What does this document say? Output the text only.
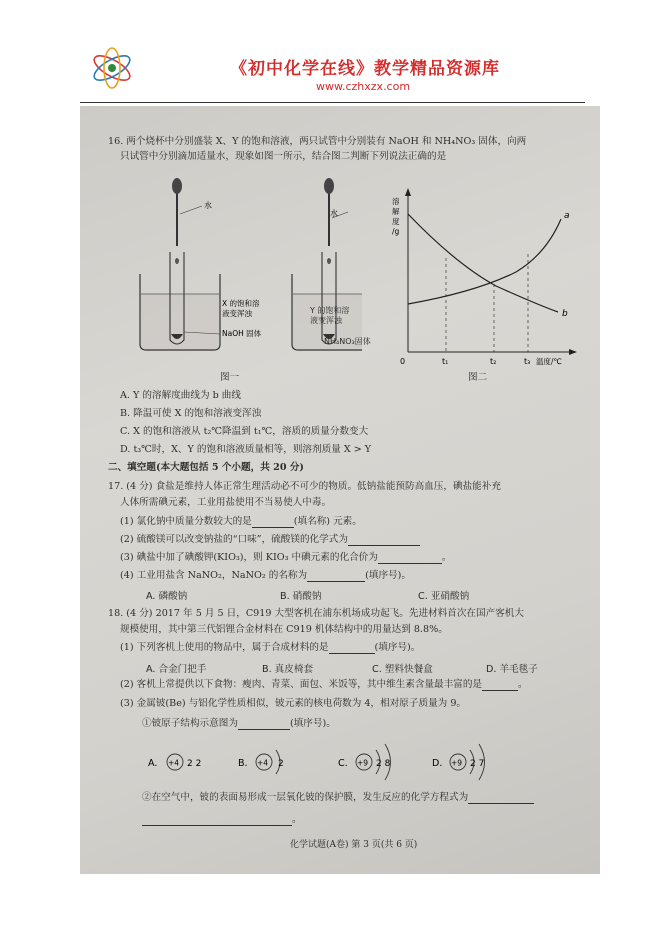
《初中化学在线》教学精品资源库
www.czhxzx.com
16. 两个烧杯中分别盛装 X、Y 的饱和溶液，两只试管中分别装有 NaOH 和 NH₄NO₃ 固体，向两
只试管中分别滴加适量水，现象如图一所示，结合图二判断下列说法正确的是
水
X 的饱和溶
液变浑浊
NaOH 固体
水
Y 的饱和溶
液变浑浊
NH₄NO₃固体
图一
溶
解
度
/g
0	t₁	t₂	t₃ 温度/℃
a
b
图二
A. Y 的溶解度曲线为 b 曲线
B. 降温可使 X 的饱和溶液变浑浊
C. X 的饱和溶液从 t₂℃降温到 t₁℃，溶质的质量分数变大
D. t₃℃时，X、Y 的饱和溶液质量相等，则溶剂质量 X > Y
二、填空题(本大题包括 5 个小题，共 20 分)
17. (4 分) 食盐是维持人体正常生理活动必不可少的物质。低钠盐能预防高血压，碘盐能补充
人体所需碘元素，工业用盐使用不当易使人中毒。
(1) 氯化钠中质量分数较大的是	(填名称) 元素。
(2) 硫酸镁可以改变钠盐的“口味”，硫酸镁的化学式为
(3) 碘盐中加了碘酸钾(KIO₃)，则 KIO₃ 中碘元素的化合价为	。
(4) 工业用盐含 NaNO₂，NaNO₂ 的名称为	(填序号)。
A. 磷酸钠	B. 硝酸钠	C. 亚硝酸钠
18. (4 分) 2017 年 5 月 5 日，C919 大型客机在浦东机场成功起飞。先进材料首次在国产客机大
规模使用，其中第三代铝锂合金材料在 C919 机体结构中的用量达到 8.8%。
(1) 下列客机上使用的物品中，属于合成材料的是	(填序号)。
A. 合金门把手	B. 真皮椅套	C. 塑料快餐盒	D. 羊毛毯子
(2) 客机上常提供以下食物：瘦肉、青菜、面包、米饭等，其中维生素含量最丰富的是	。
(3) 金属铍(Be) 与铝化学性质相似，铍元素的核电荷数为 4，相对原子质量为 9。
①铍原子结构示意图为	(填序号)。
A. +4 2 2	B. +4 2	C. +9 2 8	D. +9 2 7
②在空气中，铍的表面易形成一层氧化铍的保护膜，发生反应的化学方程式为
。
化学试题(A卷) 第 3 页(共 6 页)
